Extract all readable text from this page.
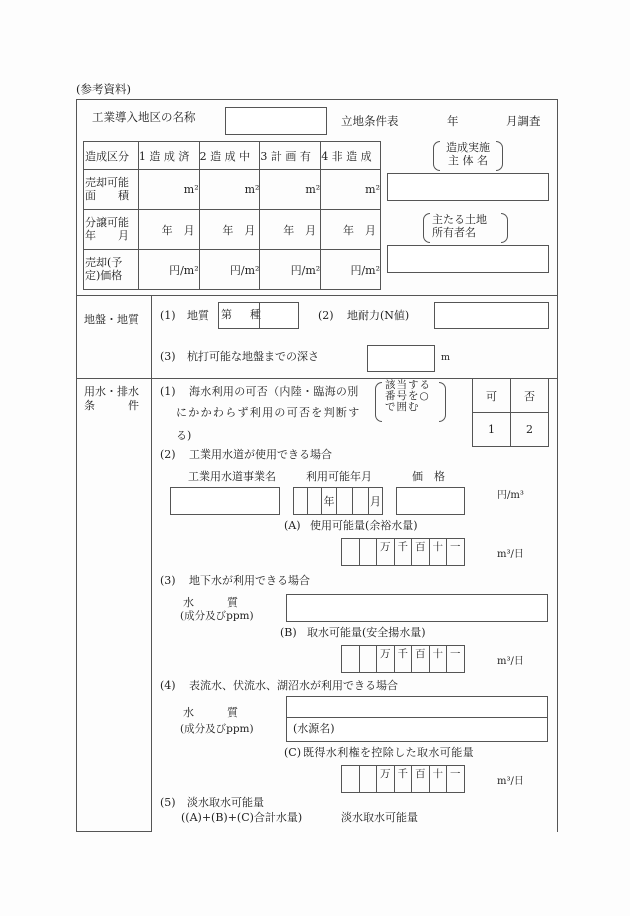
(参考資料)
工業導入地区の名称	立地条件表	年	月調査
造成区分	1 造 成 済	2 造 成 中	3 計 画 有	4 非 造 成
売却可能
面　　積	m²	m²	m²	m²
分譲可能
年　　月	年　月	年　月	年　月	年　月
売却(予
定)価格	円/m²	円/m²	円/m²	円/m²
造成実施
主 体 名
主たる土地
所有者名
地盤・地質 (1) 地質 第 種	(2) 地耐力(N値)
(3) 杭打可能な地盤までの深さ	m
用水・排水
条　　　件
(1) 海水利用の可否（内陸・臨海の別
にかかわらず利用の可否を判断す
る)
該当する
番号を○
で囲む
可	否
1	2
(2) 工業用水道が使用できる場合
工業用水道事業名	利用可能年月	価　格
		年			月	円/m³
(A) 使用可能量(余裕水量)
		万	千	百	十	一
m³/日
(3) 地下水が利用できる場合
水　　　質
(成分及びppm)
(B) 取水可能量(安全揚水量)
		万	千	百	十	一
m³/日
(4) 表流水、伏流水、湖沼水が利用できる場合
水　　　質
(成分及びppm)	(水源名)
(C) 既得水利権を控除した取水可能量
		万	千	百	十	一
m³/日
(5) 淡水取水可能量
((A)+(B)+(C)合計水量)	淡水取水可能量
